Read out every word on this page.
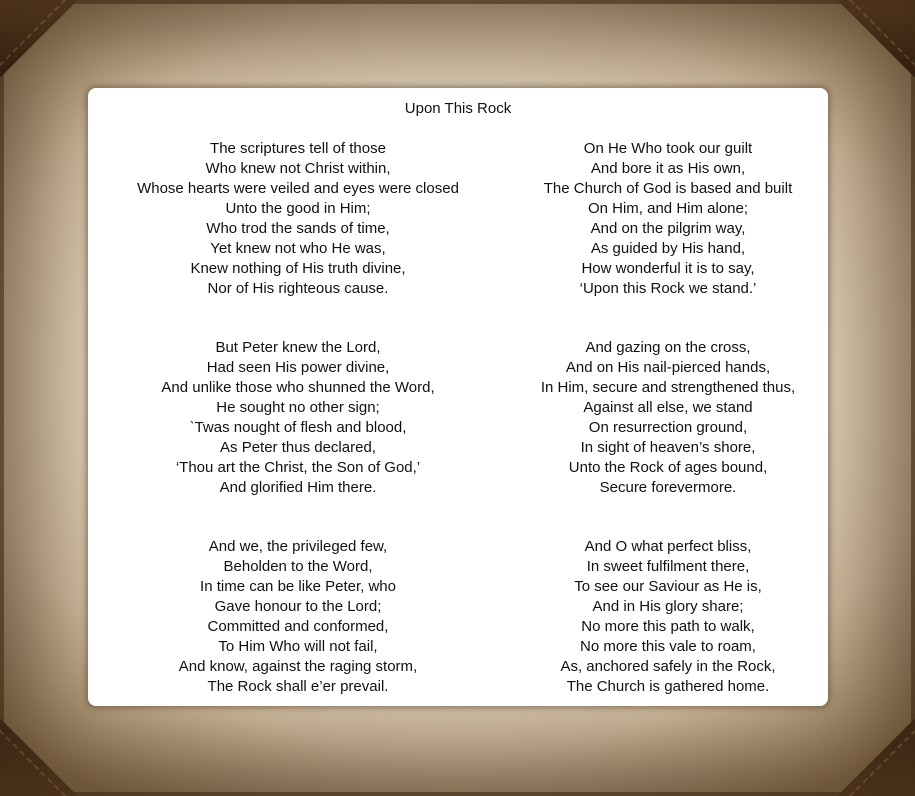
Upon This Rock
The scriptures tell of those
Who knew not Christ within,
Whose hearts were veiled and eyes were closed
Unto the good in Him;
Who trod the sands of time,
Yet knew not who He was,
Knew nothing of His truth divine,
Nor of His righteous cause.
On He Who took our guilt
And bore it as His own,
The Church of God is based and built
On Him, and Him alone;
And on the pilgrim way,
As guided by His hand,
How wonderful it is to say,
‘Upon this Rock we stand.’
But Peter knew the Lord,
Had seen His power divine,
And unlike those who shunned the Word,
He sought no other sign;
`Twas nought of flesh and blood,
As Peter thus declared,
‘Thou art the Christ, the Son of God,’
And glorified Him there.
And gazing on the cross,
And on His nail-pierced hands,
In Him, secure and strengthened thus,
Against all else, we stand
On resurrection ground,
In sight of heaven’s shore,
Unto the Rock of ages bound,
Secure forevermore.
And we, the privileged few,
Beholden to the Word,
In time can be like Peter, who
Gave honour to the Lord;
Committed and conformed,
To Him Who will not fail,
And know, against the raging storm,
The Rock shall e’er prevail.
And O what perfect bliss,
In sweet fulfilment there,
To see our Saviour as He is,
And in His glory share;
No more this path to walk,
No more this vale to roam,
As, anchored safely in the Rock,
The Church is gathered home.
